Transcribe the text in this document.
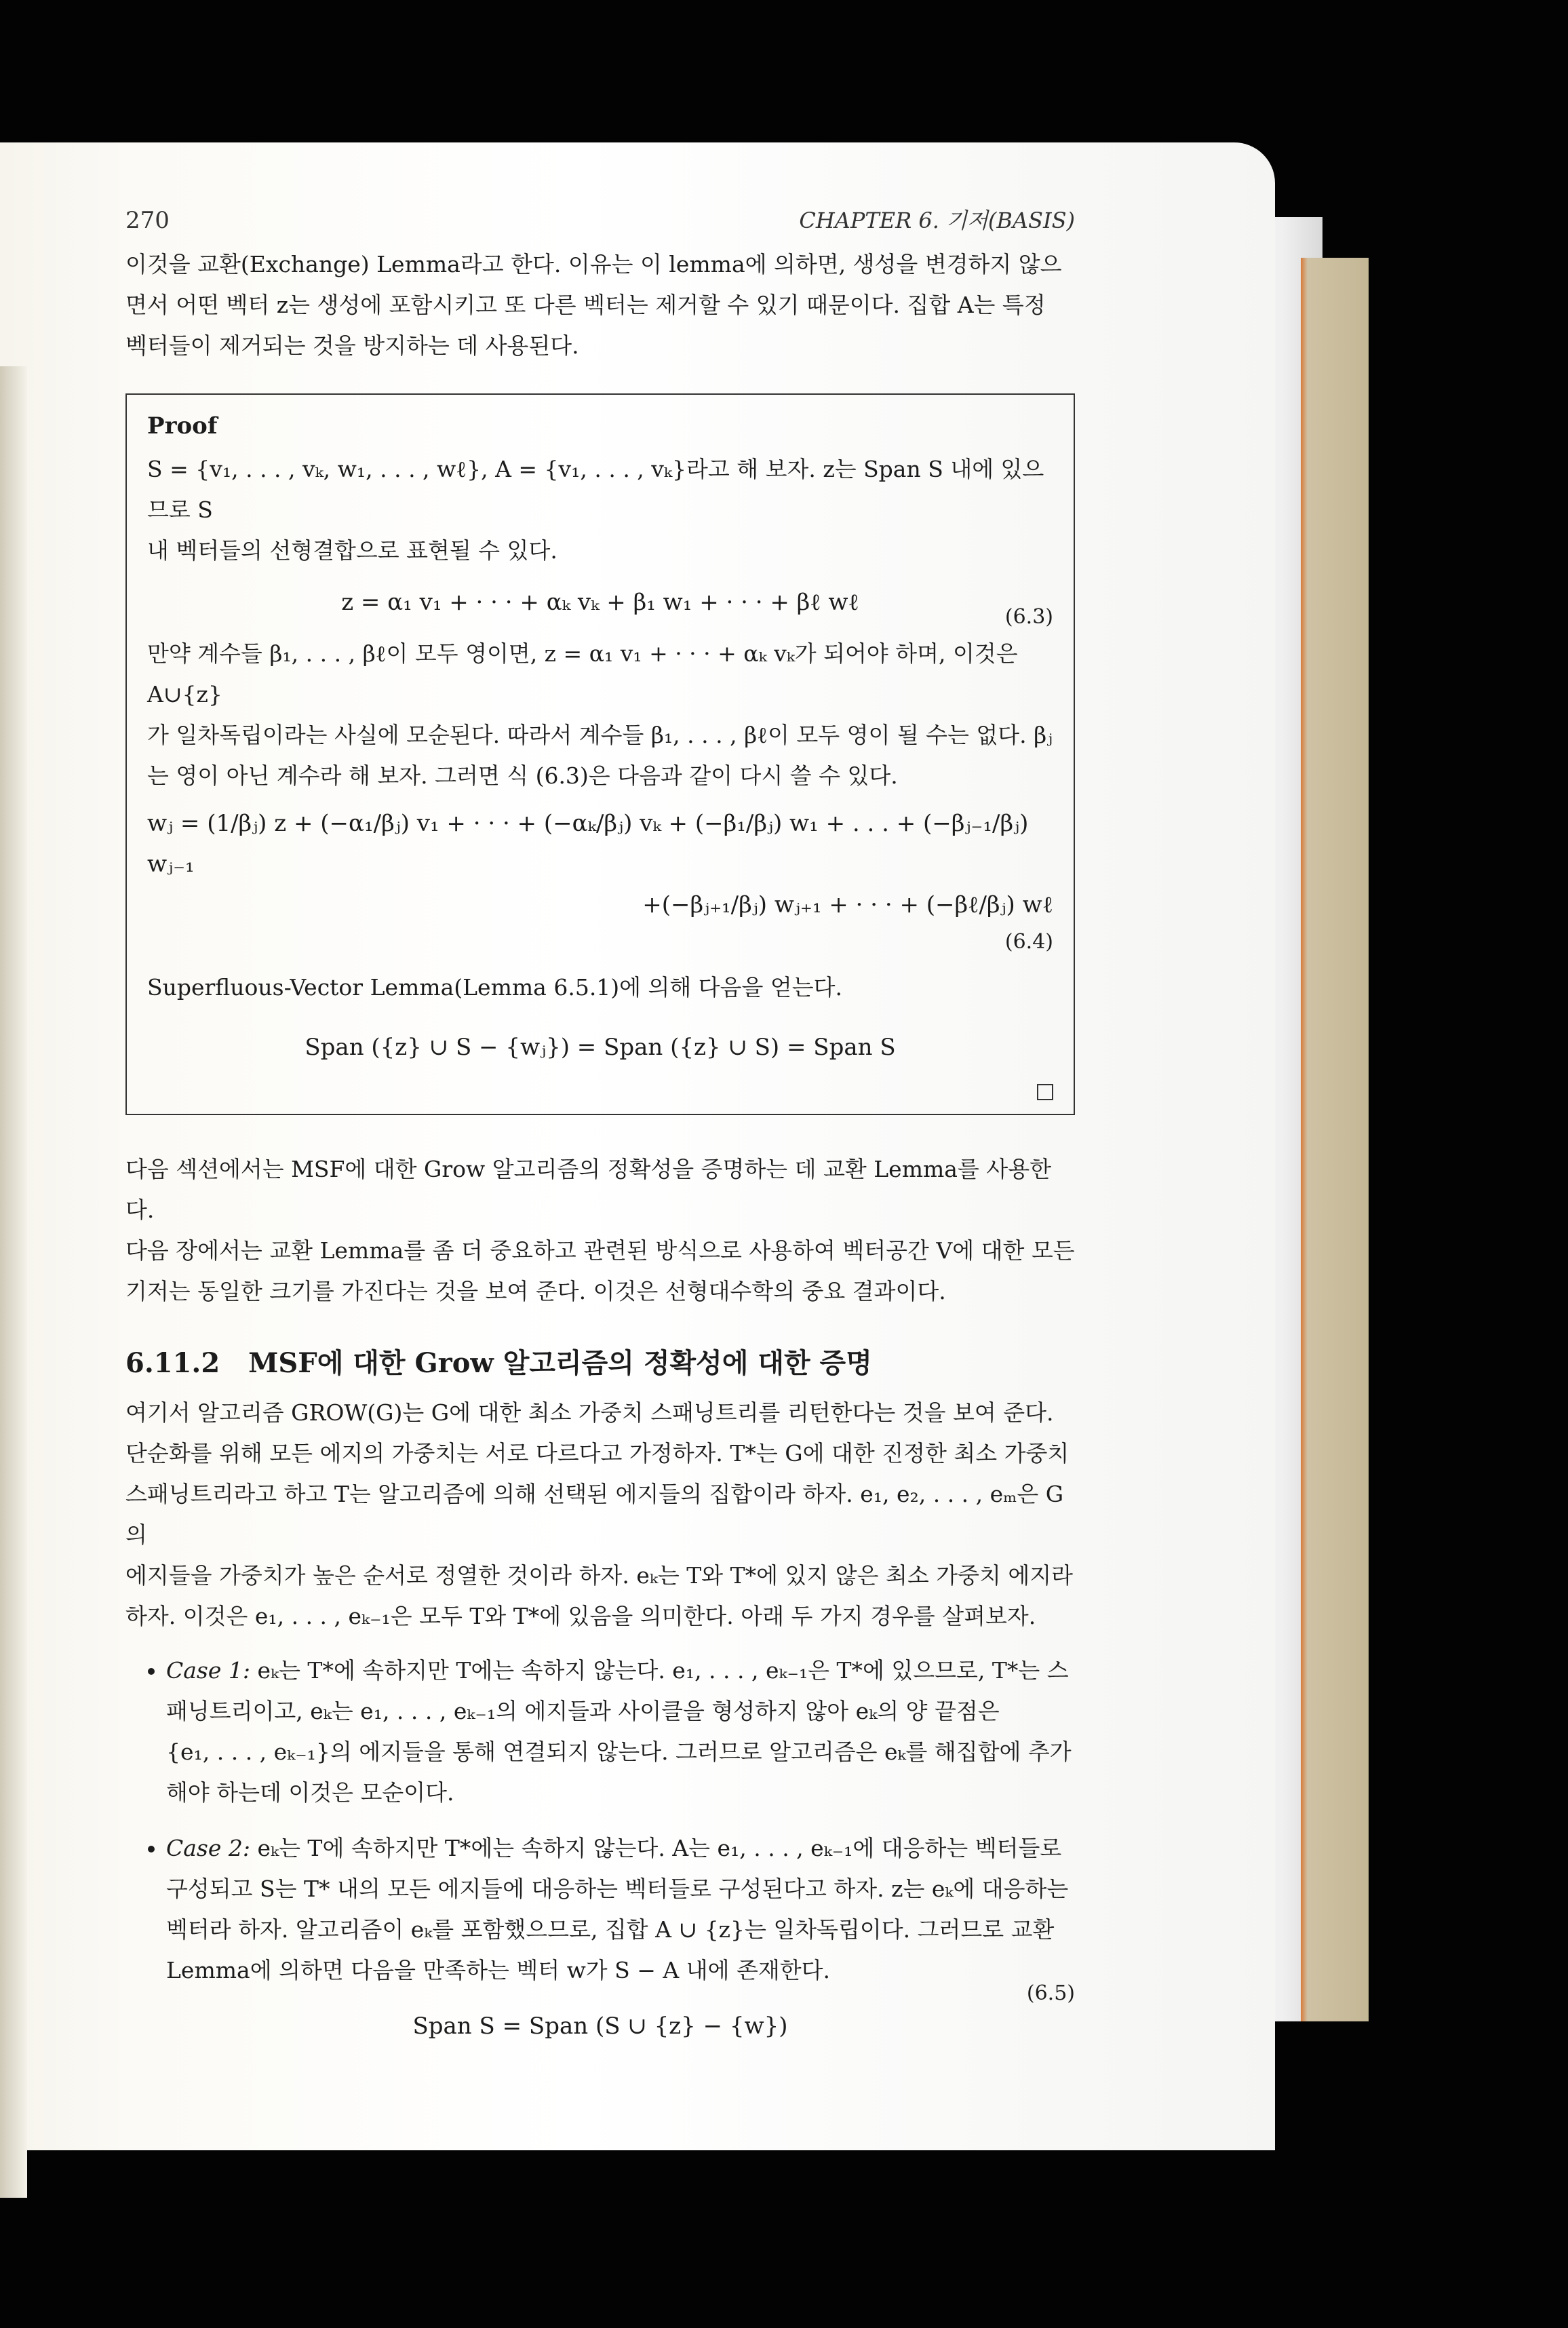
270	CHAPTER 6. 기저(BASIS)

이것을 교환(Exchange) Lemma라고 한다. 이유는 이 lemma에 의하면, 생성을 변경하지 않으

면서 어떤 벡터 z는 생성에 포함시키고 또 다른 벡터는 제거할 수 있기 때문이다. 집합 A는 특정

벡터들이 제거되는 것을 방지하는 데 사용된다.

Proof

S = {v₁, . . . , vₖ, w₁, . . . , wℓ}, A = {v₁, . . . , vₖ}라고 해 보자. z는 Span S 내에 있으므로 S

내 벡터들의 선형결합으로 표현될 수 있다.

z = α₁ v₁ + · · · + αₖ vₖ + β₁ w₁ + · · · + βℓ wℓ
(6.3)

만약 계수들 β₁, . . . , βℓ이 모두 영이면, z = α₁ v₁ + · · · + αₖ vₖ가 되어야 하며, 이것은 A∪{z}

가 일차독립이라는 사실에 모순된다. 따라서 계수들 β₁, . . . , βℓ이 모두 영이 될 수는 없다. βⱼ

는 영이 아닌 계수라 해 보자. 그러면 식 (6.3)은 다음과 같이 다시 쓸 수 있다.

wⱼ = (1/βⱼ) z + (−α₁/βⱼ) v₁ + · · · + (−αₖ/βⱼ) vₖ + (−β₁/βⱼ) w₁ + . . . + (−βⱼ₋₁/βⱼ) wⱼ₋₁
+(−βⱼ₊₁/βⱼ) wⱼ₊₁ + · · · + (−βℓ/βⱼ) wℓ
(6.4)
Superfluous-Vector Lemma(Lemma 6.5.1)에 의해 다음을 얻는다.
Span ({z} ∪ S − {wⱼ}) = Span ({z} ∪ S) = Span S

다음 섹션에서는 MSF에 대한 Grow 알고리즘의 정확성을 증명하는 데 교환 Lemma를 사용한다.

다음 장에서는 교환 Lemma를 좀 더 중요하고 관련된 방식으로 사용하여 벡터공간 V에 대한 모든

기저는 동일한 크기를 가진다는 것을 보여 준다. 이것은 선형대수학의 중요 결과이다.

6.11.2 MSF에 대한 Grow 알고리즘의 정확성에 대한 증명

여기서 알고리즘 GROW(G)는 G에 대한 최소 가중치 스패닝트리를 리턴한다는 것을 보여 준다.

단순화를 위해 모든 에지의 가중치는 서로 다르다고 가정하자. T*는 G에 대한 진정한 최소 가중치

스패닝트리라고 하고 T는 알고리즘에 의해 선택된 에지들의 집합이라 하자. e₁, e₂, . . . , eₘ은 G의

에지들을 가중치가 높은 순서로 정열한 것이라 하자. eₖ는 T와 T*에 있지 않은 최소 가중치 에지라

하자. 이것은 e₁, . . . , eₖ₋₁은 모두 T와 T*에 있음을 의미한다. 아래 두 가지 경우를 살펴보자.

• Case 1: eₖ는 T*에 속하지만 T에는 속하지 않는다. e₁, . . . , eₖ₋₁은 T*에 있으므로, T*는 스
패닝트리이고, eₖ는 e₁, . . . , eₖ₋₁의 에지들과 사이클을 형성하지 않아 eₖ의 양 끝점은
{e₁, . . . , eₖ₋₁}의 에지들을 통해 연결되지 않는다. 그러므로 알고리즘은 eₖ를 해집합에 추가
해야 하는데 이것은 모순이다.
• Case 2: eₖ는 T에 속하지만 T*에는 속하지 않는다. A는 e₁, . . . , eₖ₋₁에 대응하는 벡터들로
구성되고 S는 T* 내의 모든 에지들에 대응하는 벡터들로 구성된다고 하자. z는 eₖ에 대응하는
벡터라 하자. 알고리즘이 eₖ를 포함했으므로, 집합 A ∪ {z}는 일차독립이다. 그러므로 교환
Lemma에 의하면 다음을 만족하는 벡터 w가 S − A 내에 존재한다.
Span S = Span (S ∪ {z} − {w})
(6.5)
